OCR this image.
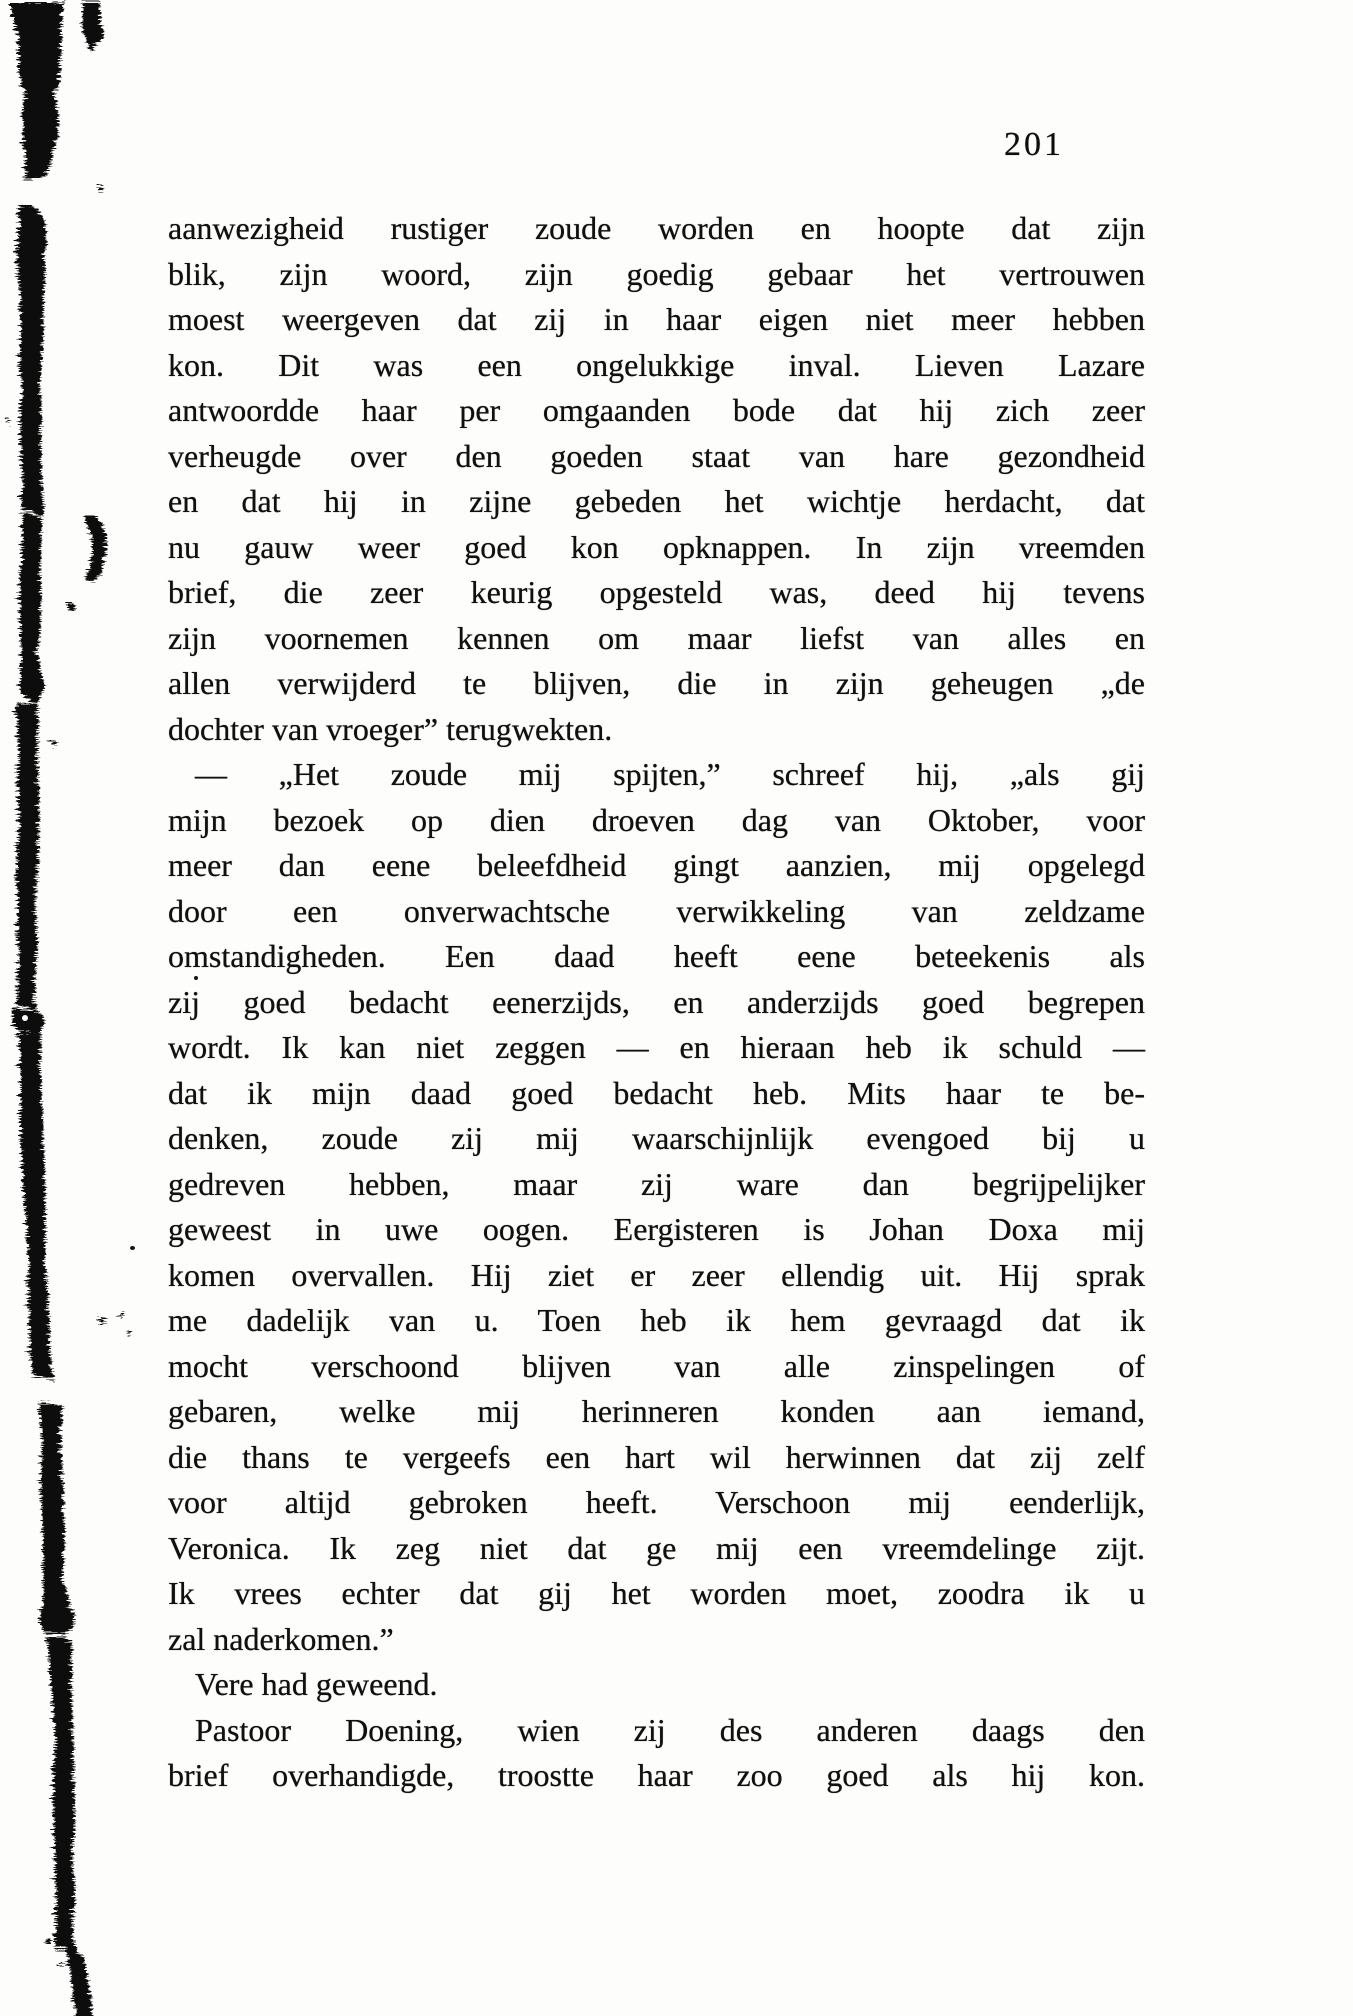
201
aanwezigheid rustiger zoude worden en hoopte dat zijn
blik, zijn woord, zijn goedig gebaar het vertrouwen
moest weergeven dat zij in haar eigen niet meer hebben
kon. Dit was een ongelukkige inval. Lieven Lazare
antwoordde haar per omgaanden bode dat hij zich zeer
verheugde over den goeden staat van hare gezondheid
en dat hij in zijne gebeden het wichtje herdacht, dat
nu gauw weer goed kon opknappen. In zijn vreemden
brief, die zeer keurig opgesteld was, deed hij tevens
zijn voornemen kennen om maar liefst van alles en
allen verwijderd te blijven, die in zijn geheugen „de
dochter van vroeger” terugwekten.
— „Het zoude mij spijten,” schreef hij, „als gij
mijn bezoek op dien droeven dag van Oktober, voor
meer dan eene beleefdheid gingt aanzien, mij opgelegd
door een onverwachtsche verwikkeling van zeldzame
omstandigheden. Een daad heeft eene beteekenis als
zij goed bedacht eenerzijds, en anderzijds goed begrepen
wordt. Ik kan niet zeggen — en hieraan heb ik schuld —
dat ik mijn daad goed bedacht heb. Mits haar te be-
denken, zoude zij mij waarschijnlijk evengoed bij u
gedreven hebben, maar zij ware dan begrijpelijker
geweest in uwe oogen. Eergisteren is Johan Doxa mij
komen overvallen. Hij ziet er zeer ellendig uit. Hij sprak
me dadelijk van u. Toen heb ik hem gevraagd dat ik
mocht verschoond blijven van alle zinspelingen of
gebaren, welke mij herinneren konden aan iemand,
die thans te vergeefs een hart wil herwinnen dat zij zelf
voor altijd gebroken heeft. Verschoon mij eenderlijk,
Veronica. Ik zeg niet dat ge mij een vreemdelinge zijt.
Ik vrees echter dat gij het worden moet, zoodra ik u
zal naderkomen.”
Vere had geweend.
Pastoor Doening, wien zij des anderen daags den
brief overhandigde, troostte haar zoo goed als hij kon.
